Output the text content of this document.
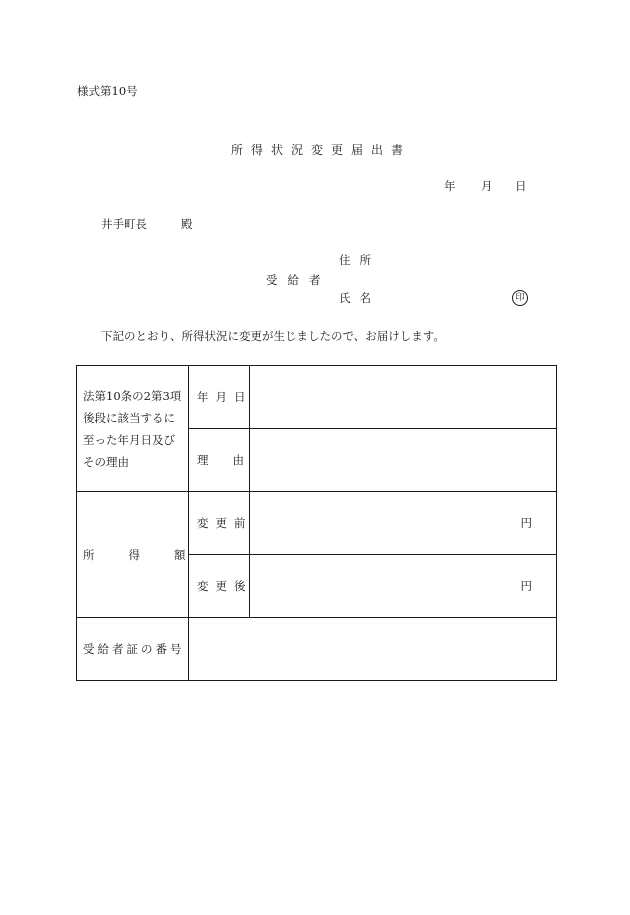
様式第10号
所得状況変更届出書
年 月 日
井手町長	殿
住所
受給者
氏名	印
下記のとおり、所得状況に変更が生じましたので、お届けします。
法第10条の2第3項
後段に該当するに
至った年月日及び
その理由	年月日	
	理由	
所 得 額	変更前	円
	変更後	円
受給者証の番号		
